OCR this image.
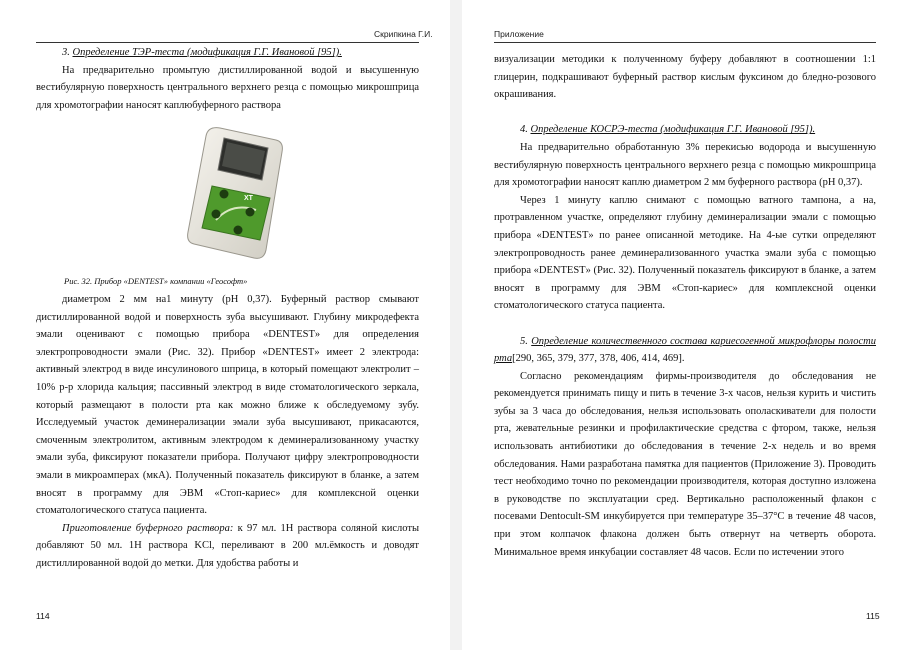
Скрипкина Г.И.

3. Определение ТЭР-теста (модификация Г.Г. Ивановой [95]).

На предварительно промытую дистиллированной водой и высушенную вестибулярную поверхность центрального верхнего резца с помощью микрошприца для хромотографии наносят каплюбуферного раствора

ХТ
Рис. 32. Прибор «DENTEST» компании «Геософт»

диаметром 2 мм на1 минуту (рН 0,37). Буферный раствор смывают дистиллированной водой и поверхность зуба высушивают. Глубину микродефекта эмали оценивают с помощью прибора «DENTEST» для определения электропроводности эмали (Рис. 32). Прибор «DENTEST» имеет 2 электрода: активный электрод в виде инсулинового шприца, в который помещают электролит – 10% р-р хлорида кальция; пассивный электрод в виде стоматологического зеркала, который размещают в полости рта как можно ближе к обследуемому зубу. Исследуемый участок деминерализации эмали зуба высушивают, прикасаются, смоченным электролитом, активным электродом к деминерализованному участку эмали зуба, фиксируют показатели прибора. Получают цифру электропроводности эмали в микроамперах (мкА). Полученный показатель фиксируют в бланке, а затем вносят в программу для ЭВМ «Стоп-кариес» для комплексной оценки стоматологического статуса пациента.

Приготовление буферного раствора: к 97 мл. 1Н раствора соляной кислоты добавляют 50 мл. 1Н раствора KCl, переливают в 200 мл.ёмкость и доводят дистиллированной водой до метки. Для удобства работы и

114
Приложение

визуализации методики к полученному буферу добавляют в соотношении 1:1 глицерин, подкрашивают буферный раствор кислым фуксином до бледно-розового окрашивания.

4. Определение КОСРЭ-теста (модификация Г.Г. Ивановой [95]).

На предварительно обработанную 3% перекисью водорода и высушенную вестибулярную поверхность центрального верхнего резца с помощью микрошприца для хромотографии наносят каплю диаметром 2 мм буферного раствора (рН 0,37).

Через 1 минуту каплю снимают с помощью ватного тампона, а на, протравленном участке, определяют глубину деминерализации эмали с помощью прибора «DENTEST» по ранее описанной методике. На 4-ые сутки определяют электропроводность ранее деминерализованного участка эмали зуба с помощью прибора «DENTEST» (Рис. 32). Полученный показатель фиксируют в бланке, а затем вносят в программу для ЭВМ «Стоп-кариес» для комплексной оценки стоматологического статуса пациента.

5. Определение количественного состава кариесогенной микрофлоры полости рта[290, 365, 379, 377, 378, 406, 414, 469].

Согласно рекомендациям фирмы-производителя до обследования не рекомендуется принимать пищу и пить в течение 3-х часов, нельзя курить и чистить зубы за 3 часа до обследования, нельзя использовать ополаскиватели для полости рта, жевательные резинки и профилактические средства с фтором, также, нельзя использовать антибиотики до обследования в течение 2-х недель и во время обследования. Нами разработана памятка для пациентов (Приложение 3). Проводить тест необходимо точно по рекомендации производителя, которая доступно изложена в руководстве по эксплуатации сред. Вертикально расположенный флакон с посевами Dentocult-SM инкубируется при температуре 35–37°С в течение 48 часов, при этом колпачок флакона должен быть отвернут на четверть оборота. Минимальное время инкубации составляет 48 часов. Если по истечении этого

115
